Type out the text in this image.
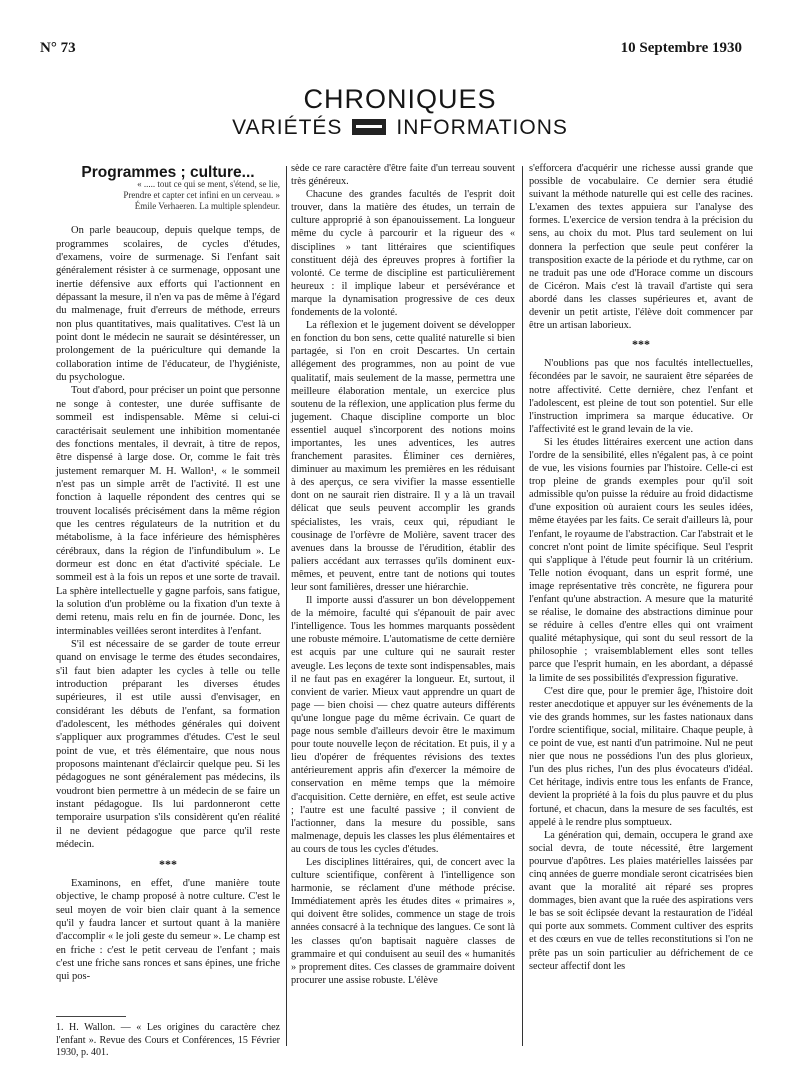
N° 73	10 Septembre 1930
CHRONIQUES
VARIÉTÉS	INFORMATIONS

Programmes ; culture...

« ..... tout ce qui se ment, s'étend, se lie, Prendre et capter cet infini en un cerveau. » Émile Verhaeren. La multiple splendeur.

On parle beaucoup, depuis quelque temps, de programmes scolaires, de cycles d'études, d'examens, voire de surmenage. Si l'enfant sait généralement résister à ce surmenage, opposant une inertie défensive aux efforts qui l'actionnent en dépassant la mesure, il n'en va pas de même à l'égard du malmenage, fruit d'erreurs de méthode, erreurs non plus quantitatives, mais qualitatives. C'est là un point dont le médecin ne saurait se désintéresser, un prolongement de la puériculture qui demande la collaboration intime de l'éducateur, de l'hygiéniste, du psychologue.

Tout d'abord, pour préciser un point que personne ne songe à contester, une durée suffisante de sommeil est indispensable. Même si celui-ci caractérisait seulement une inhibition momentanée des fonctions mentales, il devrait, à titre de repos, être dispensé à large dose. Or, comme le fait très justement remarquer M. H. Wallon¹, « le sommeil n'est pas un simple arrêt de l'activité. Il est une fonction à laquelle répondent des centres qui se trouvent localisés précisément dans la même région que les centres régulateurs de la nutrition et du métabolisme, à la face inférieure des hémisphères cérébraux, dans la région de l'infundibulum ». Le dormeur est donc en état d'activité spéciale. Le sommeil est à la fois un repos et une sorte de travail. La sphère intellectuelle y gagne parfois, sans fatigue, la solution d'un problème ou la fixation d'un texte à demi retenu, mais relu en fin de journée. Donc, les interminables veillées seront interdites à l'enfant.

S'il est nécessaire de se garder de toute erreur quand on envisage le terme des études secondaires, s'il faut bien adapter les cycles à telle ou telle introduction préparant les diverses études supérieures, il est utile aussi d'envisager, en considérant les débuts de l'enfant, sa formation d'adolescent, les méthodes générales qui doivent s'appliquer aux programmes d'études. C'est le seul point de vue, et très élémentaire, que nous nous proposons maintenant d'éclaircir quelque peu. Si les pédagogues ne sont généralement pas médecins, ils voudront bien permettre à un médecin de se faire un instant pédagogue. Ils lui pardonneront cette temporaire usurpation s'ils considèrent qu'en réalité il ne devient pédagogue que parce qu'il reste médecin.

***

Examinons, en effet, d'une manière toute objective, le champ proposé à notre culture. C'est le seul moyen de voir bien clair quant à la semence qu'il y faudra lancer et surtout quant à la manière d'accomplir « le joli geste du semeur ». Le champ est en friche : c'est le petit cerveau de l'enfant ; mais c'est une friche sans ronces et sans épines, une friche qui pos-

1. H. Wallon. — « Les origines du caractère chez l'enfant ». Revue des Cours et Conférences, 15 Février 1930, p. 401.

sède ce rare caractère d'être faite d'un terreau souvent très généreux.

Chacune des grandes facultés de l'esprit doit trouver, dans la matière des études, un terrain de culture approprié à son épanouissement. La longueur même du cycle à parcourir et la rigueur des « disciplines » tant littéraires que scientifiques constituent déjà des épreuves propres à fortifier la volonté. Ce terme de discipline est particulièrement heureux : il implique labeur et persévérance et marque la dynamisation progressive de ces deux fondements de la volonté.

La réflexion et le jugement doivent se développer en fonction du bon sens, cette qualité naturelle si bien partagée, si l'on en croit Descartes. Un certain allégement des programmes, non au point de vue qualitatif, mais seulement de la masse, permettra une meilleure élaboration mentale, un exercice plus soutenu de la réflexion, une application plus ferme du jugement. Chaque discipline comporte un bloc essentiel auquel s'incorporent des notions moins importantes, les unes adventices, les autres franchement parasites. Éliminer ces dernières, diminuer au maximum les premières en les réduisant à des aperçus, ce sera vivifier la masse essentielle dont on ne saurait rien distraire. Il y a là un travail délicat que seuls peuvent accomplir les grands spécialistes, les vrais, ceux qui, répudiant le cousinage de l'orfèvre de Molière, savent tracer des avenues dans la brousse de l'érudition, établir des paliers accédant aux terrasses qu'ils dominent eux-mêmes, et peuvent, entre tant de notions qui toutes leur sont familières, dresser une hiérarchie.

Il importe aussi d'assurer un bon développement de la mémoire, faculté qui s'épanouit de pair avec l'intelligence. Tous les hommes marquants possèdent une robuste mémoire. L'automatisme de cette dernière est acquis par une culture qui ne saurait rester aveugle. Les leçons de texte sont indispensables, mais il ne faut pas en exagérer la longueur. Et, surtout, il convient de varier. Mieux vaut apprendre un quart de page — bien choisi — chez quatre auteurs différents qu'une longue page du même écrivain. Ce quart de page nous semble d'ailleurs devoir être le maximum pour toute nouvelle leçon de récitation. Et puis, il y a lieu d'opérer de fréquentes révisions des textes antérieurement appris afin d'exercer la mémoire de conservation en même temps que la mémoire d'acquisition. Cette dernière, en effet, est seule active ; l'autre est une faculté passive ; il convient de l'actionner, dans la mesure du possible, sans malmenage, depuis les classes les plus élémentaires et au cours de tous les cycles d'études.

Les disciplines littéraires, qui, de concert avec la culture scientifique, confèrent à l'intelligence son harmonie, se réclament d'une méthode précise. Immédiatement après les études dites « primaires », qui doivent être solides, commence un stage de trois années consacré à la technique des langues. Ce sont là les classes qu'on baptisait naguère classes de grammaire et qui conduisent au seuil des « humanités » proprement dites. Ces classes de grammaire doivent procurer une assise robuste. L'élève

s'efforcera d'acquérir une richesse aussi grande que possible de vocabulaire. Ce dernier sera étudié suivant la méthode naturelle qui est celle des racines. L'examen des textes appuiera sur l'analyse des formes. L'exercice de version tendra à la précision du sens, au choix du mot. Plus tard seulement on lui donnera la perfection que seule peut conférer la transposition exacte de la période et du rythme, car on ne traduit pas une ode d'Horace comme un discours de Cicéron. Mais c'est là travail d'artiste qui sera abordé dans les classes supérieures et, avant de devenir un petit artiste, l'élève doit commencer par être un artisan laborieux.

***

N'oublions pas que nos facultés intellectuelles, fécondées par le savoir, ne sauraient être séparées de notre affectivité. Cette dernière, chez l'enfant et l'adolescent, est pleine de tout son potentiel. Sur elle l'instruction imprimera sa marque éducative. Or l'affectivité est le grand levain de la vie.

Si les études littéraires exercent une action dans l'ordre de la sensibilité, elles n'égalent pas, à ce point de vue, les visions fournies par l'histoire. Celle-ci est trop pleine de grands exemples pour qu'il soit admissible qu'on puisse la réduire au froid didactisme d'une exposition où auraient cours les seules idées, même étayées par les faits. Ce serait d'ailleurs là, pour l'enfant, le royaume de l'abstraction. Car l'abstrait et le concret n'ont point de limite spécifique. Seul l'esprit qui s'applique à l'étude peut fournir là un critérium. Telle notion évoquant, dans un esprit formé, une image représentative très concrète, ne figurera pour l'enfant qu'une abstraction. A mesure que la maturité se réalise, le domaine des abstractions diminue pour se réduire à celles d'entre elles qui ont vraiment qualité métaphysique, qui sont du seul ressort de la philosophie ; vraisemblablement elles sont telles parce que l'esprit humain, en les abordant, a dépassé la limite de ses possibilités d'expression figurative.

C'est dire que, pour le premier âge, l'histoire doit rester anecdotique et appuyer sur les événements de la vie des grands hommes, sur les fastes nationaux dans l'ordre scientifique, social, militaire. Chaque peuple, à ce point de vue, est nanti d'un patrimoine. Nul ne peut nier que nous ne possédions l'un des plus glorieux, l'un des plus riches, l'un des plus évocateurs d'idéal. Cet héritage, indivis entre tous les enfants de France, devient la propriété à la fois du plus pauvre et du plus fortuné, et chacun, dans la mesure de ses facultés, est appelé à le rendre plus somptueux.

La génération qui, demain, occupera le grand axe social devra, de toute nécessité, être largement pourvue d'apôtres. Les plaies matérielles laissées par cinq années de guerre mondiale seront cicatrisées bien avant que la moralité ait réparé ses propres dommages, bien avant que la ruée des aspirations vers le bas se soit éclipsée devant la restauration de l'idéal qui porte aux sommets. Comment cultiver des esprits et des cœurs en vue de telles reconstitutions si l'on ne prête pas un soin particulier au défrichement de ce secteur affectif dont les
